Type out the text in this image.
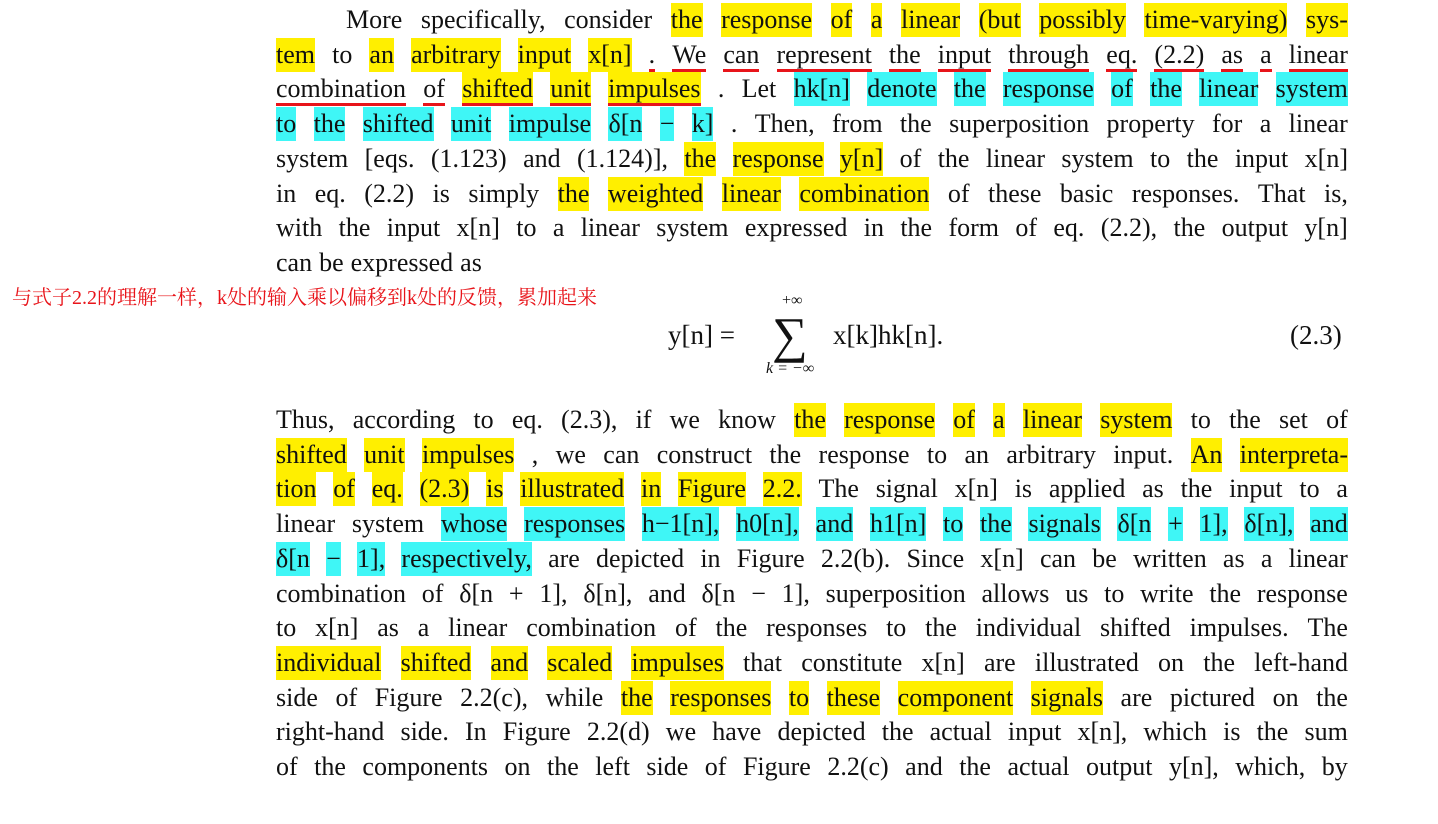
More specifically, consider the response of a linear (but possibly time-varying) sys-
tem to an arbitrary input x[n] . We can represent the input through eq. (2.2) as a linear
combination of shifted unit impulses . Let hk[n] denote the response of the linear system
to the shifted unit impulse δ[n − k] . Then, from the superposition property for a linear
system [eqs. (1.123) and (1.124)], the response y[n] of the linear system to the input x[n]
in eq. (2.2) is simply the weighted linear combination of these basic responses. That is,
with the input x[n] to a linear system expressed in the form of eq. (2.2), the output y[n]
can be expressed as
与式子2.2的理解一样，k处的输入乘以偏移到k处的反馈，累加起来
y[n] =
+∞
∑
k = −∞
x[k]hk[n].	(2.3)
Thus, according to eq. (2.3), if we know the response of a linear system to the set of
shifted unit impulses , we can construct the response to an arbitrary input. An interpreta-
tion of eq. (2.3) is illustrated in Figure 2.2. The signal x[n] is applied as the input to a
linear system whose responses h−1[n], h0[n], and h1[n] to the signals δ[n + 1], δ[n], and
δ[n − 1], respectively, are depicted in Figure 2.2(b). Since x[n] can be written as a linear
combination of δ[n + 1], δ[n], and δ[n − 1], superposition allows us to write the response
to x[n] as a linear combination of the responses to the individual shifted impulses. The
individual shifted and scaled impulses that constitute x[n] are illustrated on the left-hand
side of Figure 2.2(c), while the responses to these component signals are pictured on the
right-hand side. In Figure 2.2(d) we have depicted the actual input x[n], which is the sum
of the components on the left side of Figure 2.2(c) and the actual output y[n], which, by
